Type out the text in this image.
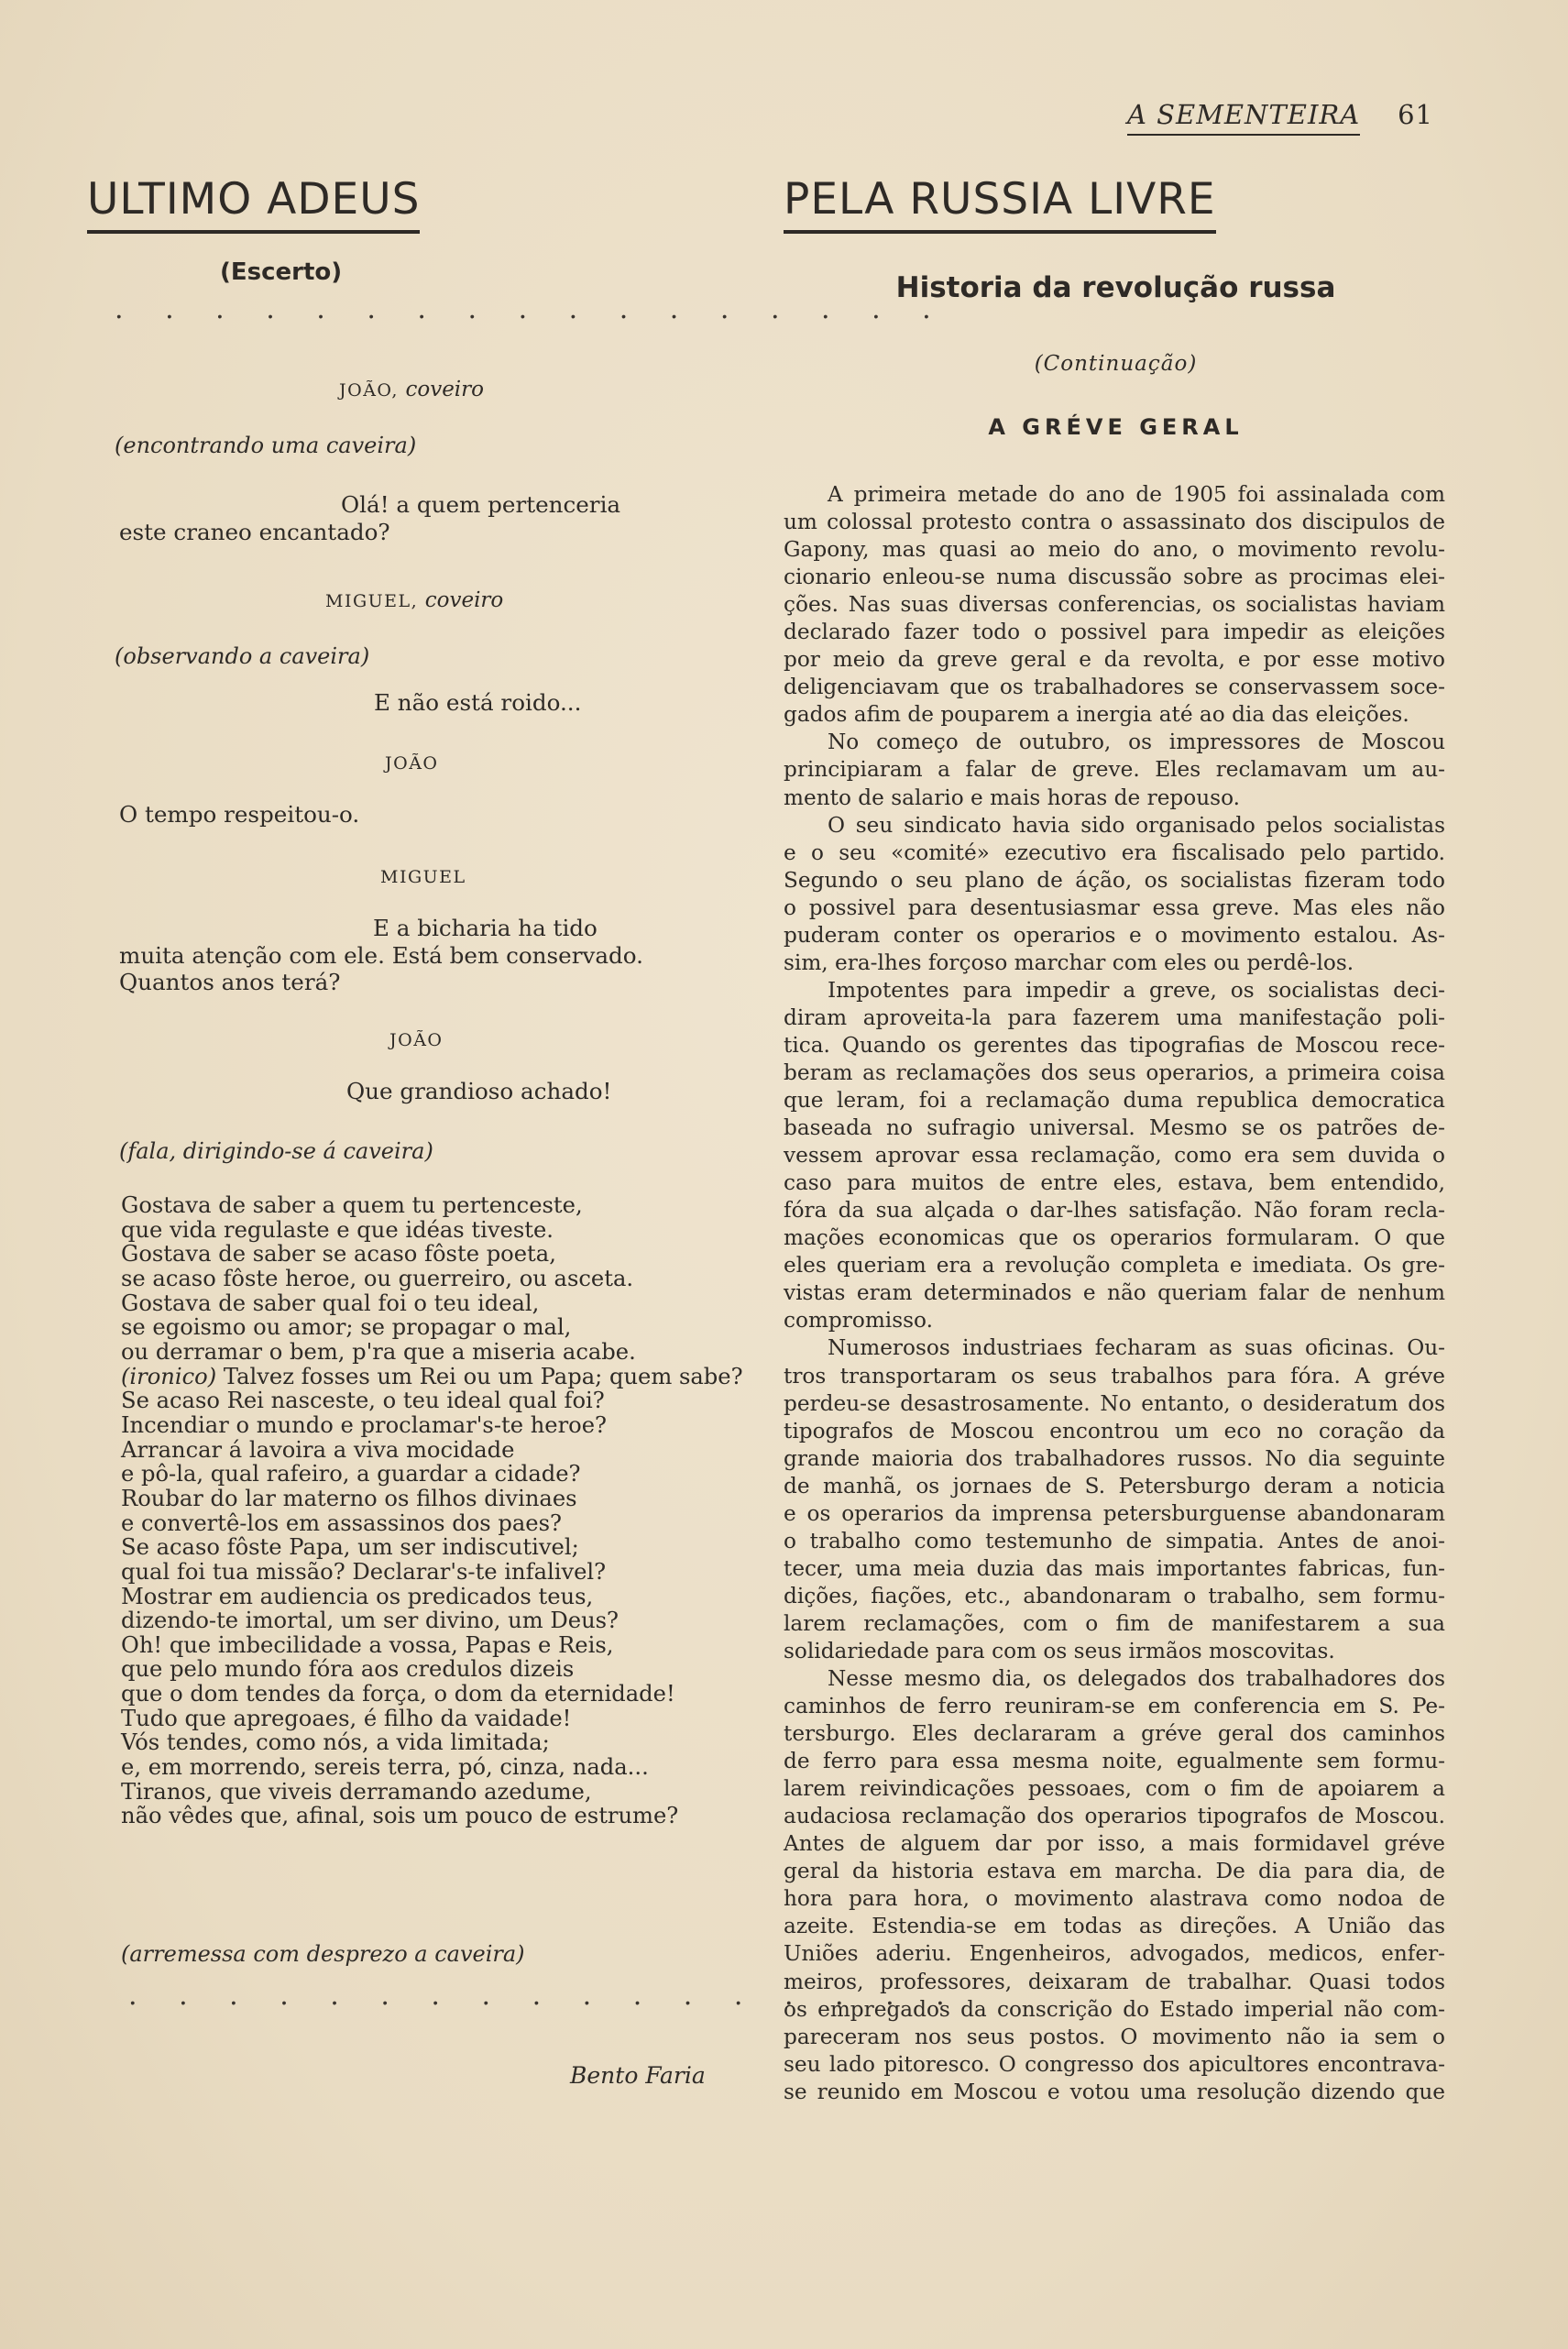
A SEMENTEIRA 61
ULTIMO ADEUS
(Escerto)
. . . . . . . . . . . . . . . . .
JOÃO, coveiro
(encontrando uma caveira)
Olá! a quem pertenceria
este craneo encantado?
MIGUEL, coveiro
(observando a caveira)
E não está roido...
JOÃO
O tempo respeitou-o.
MIGUEL
E a bicharia ha tido
muita atenção com ele. Está bem conservado.
Quantos anos terá?
JOÃO
Que grandioso achado!
(fala, dirigindo-se á caveira)
Gostava de saber a quem tu pertenceste,
que vida regulaste e que idéas tiveste.
Gostava de saber se acaso fôste poeta,
se acaso fôste heroe, ou guerreiro, ou asceta.
Gostava de saber qual foi o teu ideal,
se egoismo ou amor; se propagar o mal,
ou derramar o bem, p'ra que a miseria acabe.
(ironico) Talvez fosses um Rei ou um Papa; quem sabe?
Se acaso Rei nasceste, o teu ideal qual foi?
Incendiar o mundo e proclamar's-te heroe?
Arrancar á lavoira a viva mocidade
e pô-la, qual rafeiro, a guardar a cidade?
Roubar do lar materno os filhos divinaes
e convertê-los em assassinos dos paes?
Se acaso fôste Papa, um ser indiscutivel;
qual foi tua missão? Declarar's-te infalivel?
Mostrar em audiencia os predicados teus,
dizendo-te imortal, um ser divino, um Deus?
Oh! que imbecilidade a vossa, Papas e Reis,
que pelo mundo fóra aos credulos dizeis
que o dom tendes da força, o dom da eternidade!
Tudo que apregoaes, é filho da vaidade!
Vós tendes, como nós, a vida limitada;
e, em morrendo, sereis terra, pó, cinza, nada...
Tiranos, que viveis derramando azedume,
não vêdes que, afinal, sois um pouco de estrume?
(arremessa com desprezo a caveira)
. . . . . . . . . . . . . . . . .
Bento Faria
PELA RUSSIA LIVRE
Historia da revolução russa
(Continuação)
A GRÉVE GERAL
A primeira metade do ano de 1905 foi assinalada com
um colossal protesto contra o assassinato dos discipulos de
Gapony, mas quasi ao meio do ano, o movimento revolu-
cionario enleou-se numa discussão sobre as procimas elei-
ções. Nas suas diversas conferencias, os socialistas haviam
declarado fazer todo o possivel para impedir as eleições
por meio da greve geral e da revolta, e por esse motivo
deligenciavam que os trabalhadores se conservassem soce-
gados afim de pouparem a inergia até ao dia das eleições.
No começo de outubro, os impressores de Moscou
principiaram a falar de greve. Eles reclamavam um au-
mento de salario e mais horas de repouso.
O seu sindicato havia sido organisado pelos socialistas
e o seu «comité» ezecutivo era fiscalisado pelo partido.
Segundo o seu plano de áção, os socialistas fizeram todo
o possivel para desentusiasmar essa greve. Mas eles não
puderam conter os operarios e o movimento estalou. As-
sim, era-lhes forçoso marchar com eles ou perdê-los.
Impotentes para impedir a greve, os socialistas deci-
diram aproveita-la para fazerem uma manifestação poli-
tica. Quando os gerentes das tipografias de Moscou rece-
beram as reclamações dos seus operarios, a primeira coisa
que leram, foi a reclamação duma republica democratica
baseada no sufragio universal. Mesmo se os patrões de-
vessem aprovar essa reclamação, como era sem duvida o
caso para muitos de entre eles, estava, bem entendido,
fóra da sua alçada o dar-lhes satisfação. Não foram recla-
mações economicas que os operarios formularam. O que
eles queriam era a revolução completa e imediata. Os gre-
vistas eram determinados e não queriam falar de nenhum
compromisso.
Numerosos industriaes fecharam as suas oficinas. Ou-
tros transportaram os seus trabalhos para fóra. A gréve
perdeu-se desastrosamente. No entanto, o desideratum dos
tipografos de Moscou encontrou um eco no coração da
grande maioria dos trabalhadores russos. No dia seguinte
de manhã, os jornaes de S. Petersburgo deram a noticia
e os operarios da imprensa petersburguense abandonaram
o trabalho como testemunho de simpatia. Antes de anoi-
tecer, uma meia duzia das mais importantes fabricas, fun-
dições, fiações, etc., abandonaram o trabalho, sem formu-
larem reclamações, com o fim de manifestarem a sua
solidariedade para com os seus irmãos moscovitas.
Nesse mesmo dia, os delegados dos trabalhadores dos
caminhos de ferro reuniram-se em conferencia em S. Pe-
tersburgo. Eles declararam a gréve geral dos caminhos
de ferro para essa mesma noite, egualmente sem formu-
larem reivindicações pessoaes, com o fim de apoiarem a
audaciosa reclamação dos operarios tipografos de Moscou.
Antes de alguem dar por isso, a mais formidavel gréve
geral da historia estava em marcha. De dia para dia, de
hora para hora, o movimento alastrava como nodoa de
azeite. Estendia-se em todas as direções. A União das
Uniões aderiu. Engenheiros, advogados, medicos, enfer-
meiros, professores, deixaram de trabalhar. Quasi todos
os empregados da conscrição do Estado imperial não com-
pareceram nos seus postos. O movimento não ia sem o
seu lado pitoresco. O congresso dos apicultores encontrava-
se reunido em Moscou e votou uma resolução dizendo que
